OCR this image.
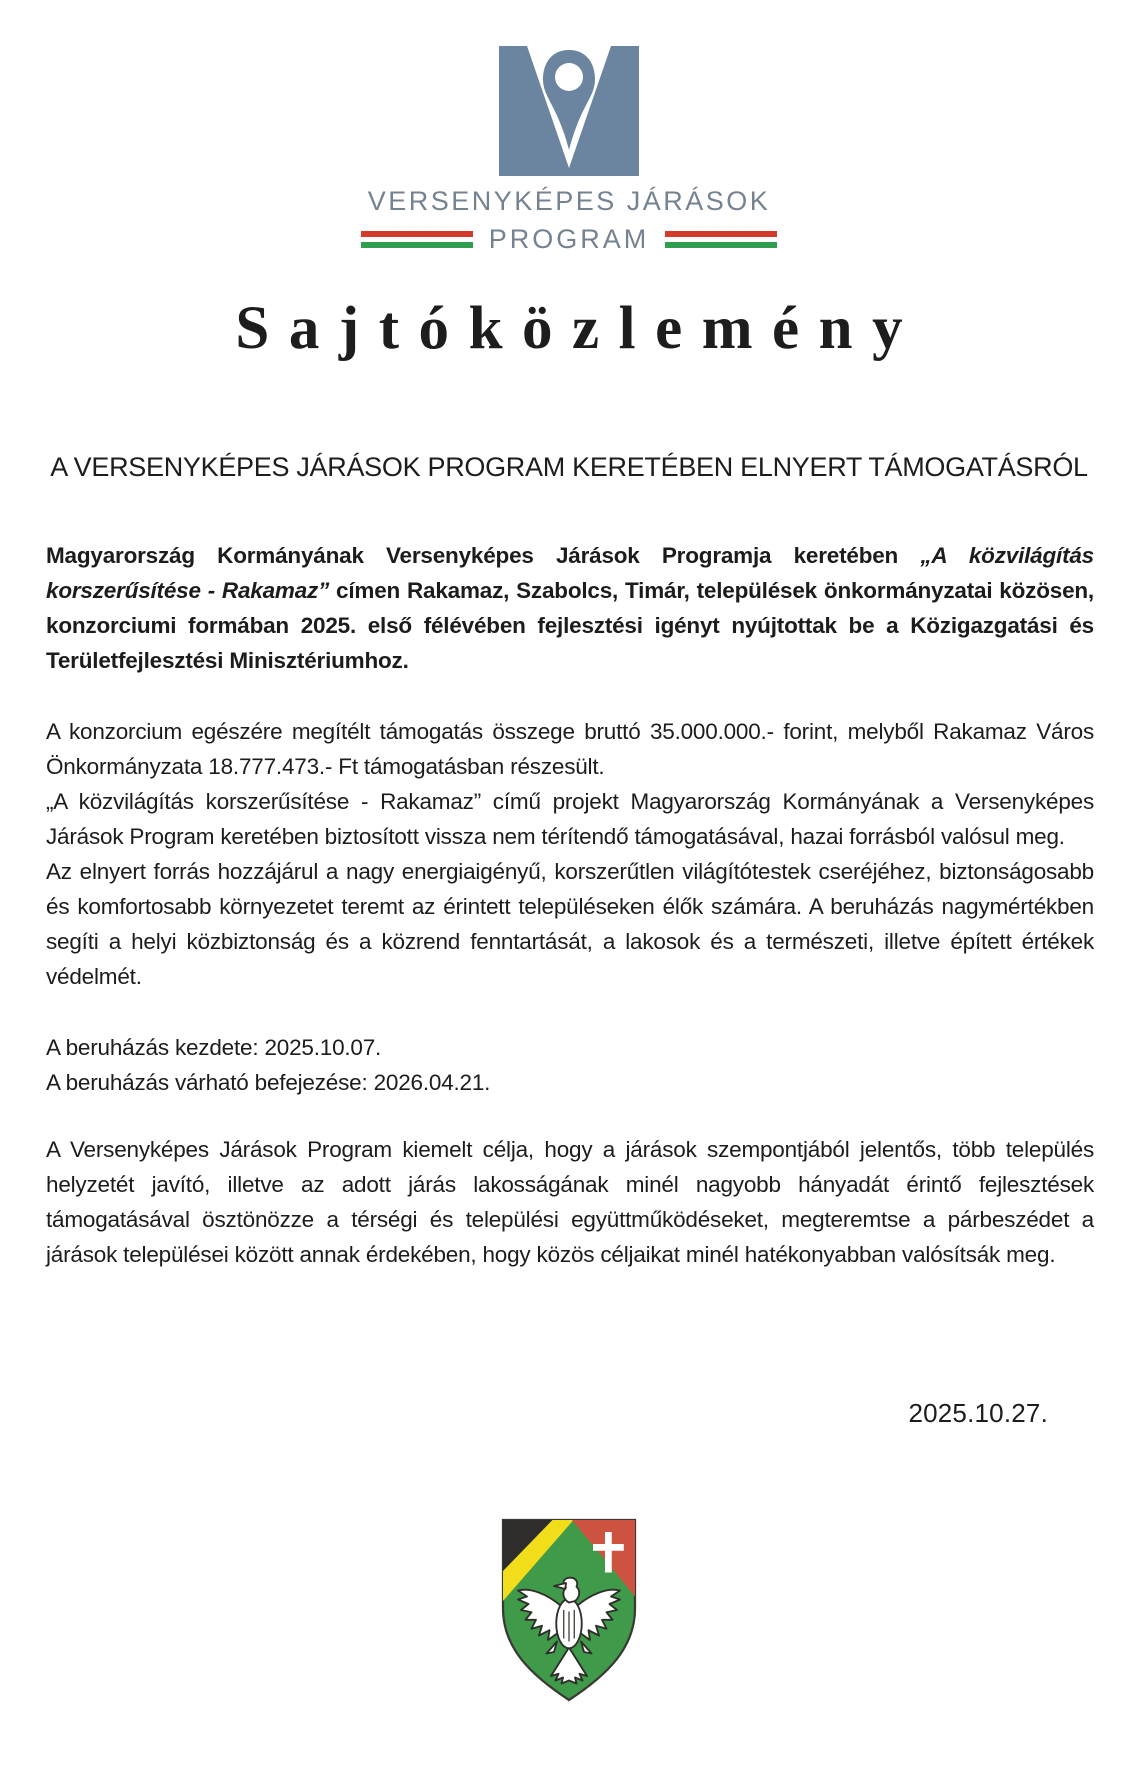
VERSENYKÉPES JÁRÁSOK
PROGRAM
Sajtóközlemény
A VERSENYKÉPES JÁRÁSOK PROGRAM KERETÉBEN ELNYERT TÁMOGATÁSRÓL

Magyarország Kormányának Versenyképes Járások Programja keretében „A közvilágítás korszerűsítése - Rakamaz” címen Rakamaz, Szabolcs, Timár, települések önkormányzatai közösen, konzorciumi formában 2025. első félévében fejlesztési igényt nyújtottak be a Közigazgatási és Területfejlesztési Minisztériumhoz.

A konzorcium egészére megítélt támogatás összege bruttó 35.000.000.- forint, melyből Rakamaz Város Önkormányzata 18.777.473.- Ft támogatásban részesült.

„A közvilágítás korszerűsítése - Rakamaz” című projekt Magyarország Kormányának a Versenyképes Járások Program keretében biztosított vissza nem térítendő támogatásával, hazai forrásból valósul meg.

Az elnyert forrás hozzájárul a nagy energiaigényű, korszerűtlen világítótestek cseréjéhez, biztonságosabb és komfortosabb környezetet teremt az érintett településeken élők számára. A beruházás nagymértékben segíti a helyi közbiztonság és a közrend fenntartását, a lakosok és a természeti, illetve épített értékek védelmét.

A beruházás kezdete: 2025.10.07.

A beruházás várható befejezése: 2026.04.21.

A Versenyképes Járások Program kiemelt célja, hogy a járások szempontjából jelentős, több település helyzetét javító, illetve az adott járás lakosságának minél nagyobb hányadát érintő fejlesztések támogatásával ösztönözze a térségi és települési együttműködéseket, megteremtse a párbeszédet a járások települései között annak érdekében, hogy közös céljaikat minél hatékonyabban valósítsák meg.

2025.10.27.
